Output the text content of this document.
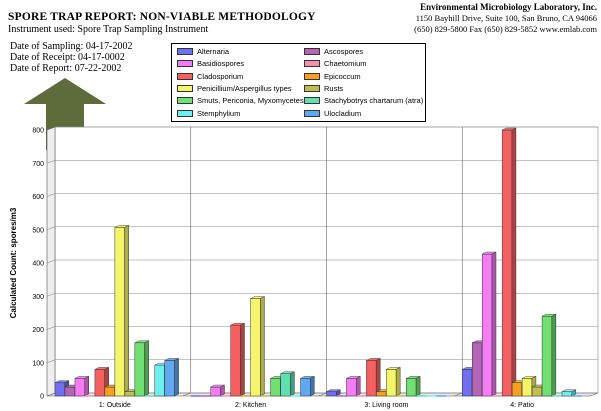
SPORE TRAP REPORT: NON-VIABLE METHODOLOGY
Instrument used: Spore Trap Sampling Instrument
Environmental Microbiology Laboratory, Inc.
1150 Bayhill Drive, Suite 100, San Bruno, CA 94066
(650) 829-5800 Fax (650) 829-5852 www.emlab.com
Date of Sampling: 04-17-2002
Date of Receipt: 04-17-0002
Date of Report: 07-22-2002
Alternaria	Ascospores
Basidiospores	Chaetomium
Cladosporium	Epicoccum
Penicillium/Aspergillus types	Rusts
Smuts, Periconia, Myxomycetes	Stachybotrys chartarum (atra)
Stemphylium	Ulocladium
0
100
200
300
400
500
600
700
800
Calculated Count: spores/m3
1: Outside	2: Kitchen	3: Living room	4: Patio
